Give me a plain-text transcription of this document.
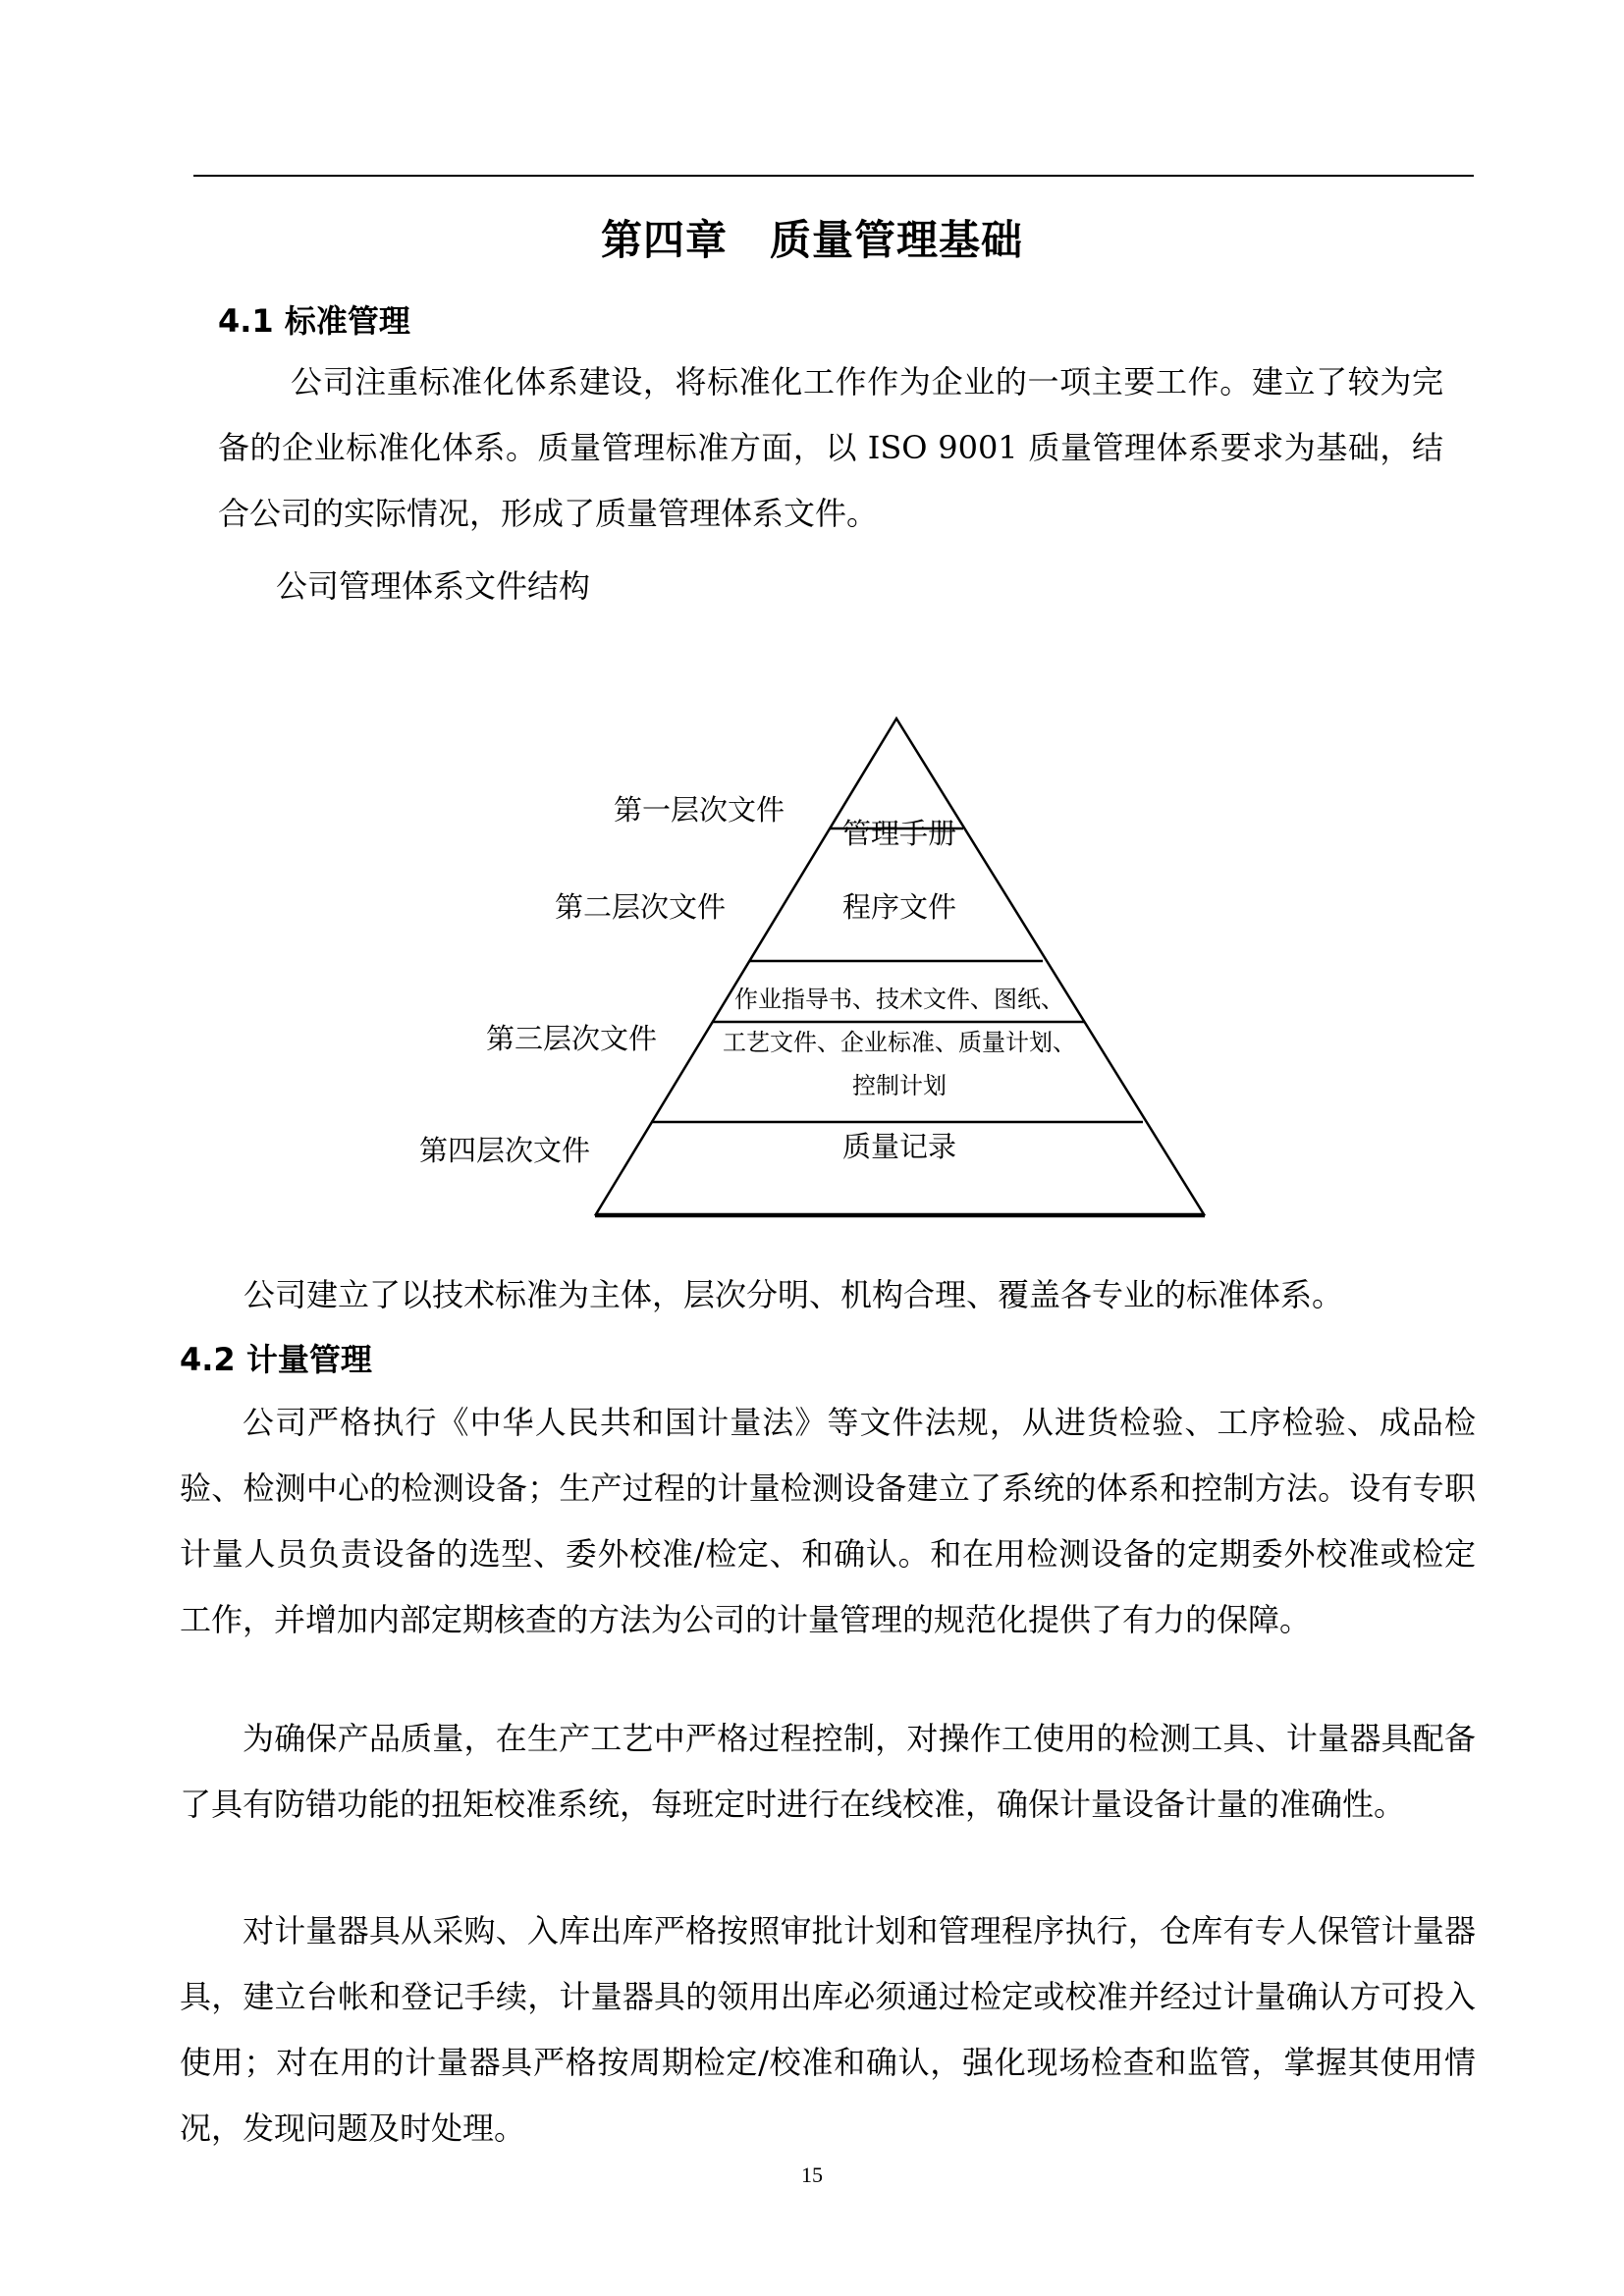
第四章　质量管理基础
4.1 标准管理
公司注重标准化体系建设，将标准化工作作为企业的一项主要工作。建立了较为完备的企业标准化体系。质量管理标准方面，以 ISO 9001 质量管理体系要求为基础，结合公司的实际情况，形成了质量管理体系文件。
公司管理体系文件结构
第一层次文件
第二层次文件
第三层次文件
第四层次文件
管理手册
程序文件
作业指导书、技术文件、图纸、
工艺文件、企业标准、质量计划、
控制计划
质量记录
公司建立了以技术标准为主体，层次分明、机构合理、覆盖各专业的标准体系。
4.2 计量管理
公司严格执行《中华人民共和国计量法》等文件法规，从进货检验、工序检验、成品检验、检测中心的检测设备；生产过程的计量检测设备建立了系统的体系和控制方法。设有专职计量人员负责设备的选型、委外校准/检定、和确认。和在用检测设备的定期委外校准或检定工作，并增加内部定期核查的方法为公司的计量管理的规范化提供了有力的保障。
为确保产品质量，在生产工艺中严格过程控制，对操作工使用的检测工具、计量器具配备了具有防错功能的扭矩校准系统，每班定时进行在线校准，确保计量设备计量的准确性。
对计量器具从采购、入库出库严格按照审批计划和管理程序执行，仓库有专人保管计量器具，建立台帐和登记手续，计量器具的领用出库必须通过检定或校准并经过计量确认方可投入使用；对在用的计量器具严格按周期检定/校准和确认，强化现场检查和监管，掌握其使用情况，发现问题及时处理。
15
